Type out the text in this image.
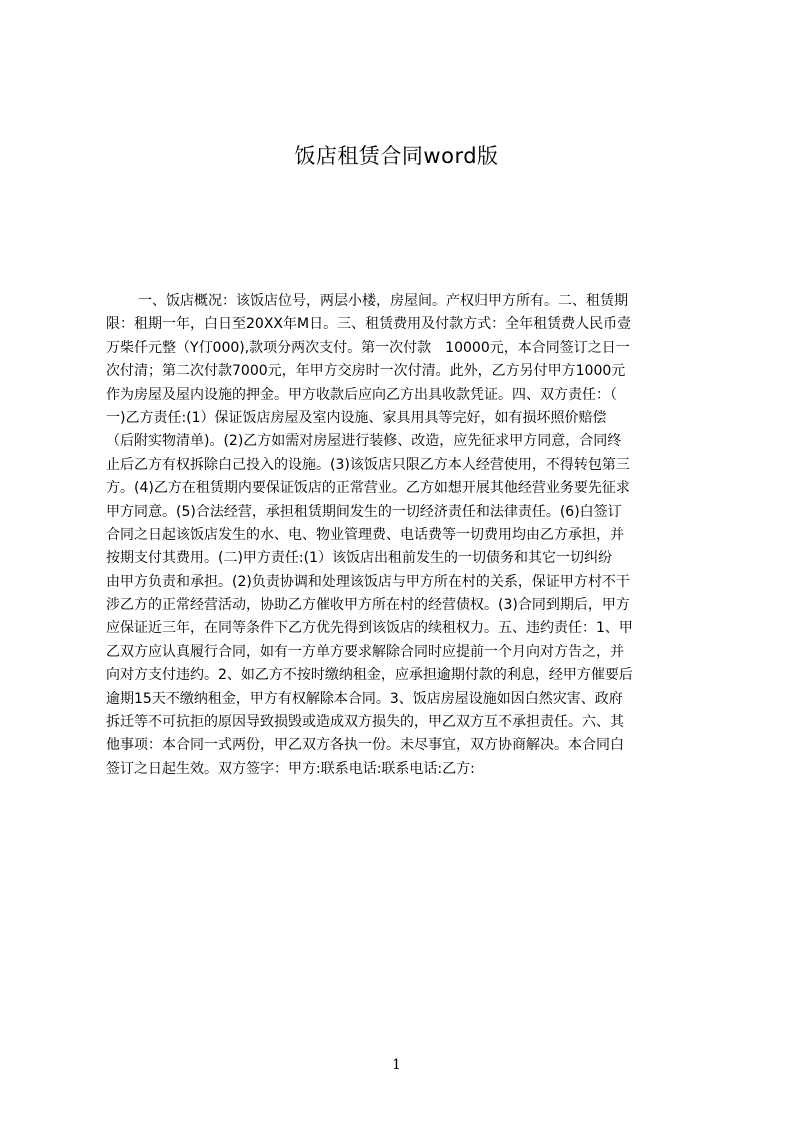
饭店租赁合同word版
一、饭店概况：该饭店位号，两层小楼，房屋间。产权归甲方所有。二、租赁期
限：租期一年，白日至20XX年M日。三、租赁费用及付款方式：全年租赁费人民币壹
万柴仟元整（Y仃000),款项分两次支付。第一次付款　10000元，本合同签订之日一
次付清；第二次付款7000元，年甲方交房时一次付清。此外，乙方另付甲方1000元
作为房屋及屋内设施的押金。甲方收款后应向乙方出具收款凭证。四、双方责任：（
一)乙方责任:(1）保证饭店房屋及室内设施、家具用具等完好，如有损坏照价赔偿
（后附实物清单)。(2)乙方如需对房屋进行装修、改造，应先征求甲方同意，合同终
止后乙方有权拆除白己投入的设施。(3)该饭店只限乙方本人经营使用，不得转包第三
方。(4)乙方在租赁期内要保证饭店的正常营业。乙方如想开展其他经营业务要先征求
甲方同意。(5)合法经营，承担租赁期间发生的一切经济责任和法律责任。(6)白签订
合同之日起该饭店发生的水、电、物业管理费、电话费等一切费用均由乙方承担，并
按期支付其费用。(二)甲方责任:(1）该饭店出租前发生的一切债务和其它一切纠纷
由甲方负责和承担。(2)负责协调和处理该饭店与甲方所在村的关系，保证甲方村不干
涉乙方的正常经营活动，协助乙方催收甲方所在村的经营债权。(3)合同到期后，甲方
应保证近三年，在同等条件下乙方优先得到该饭店的续租权力。五、违约责任：1、甲
乙双方应认真履行合同，如有一方单方要求解除合同时应提前一个月向对方告之，并
向对方支付违约。2、如乙方不按时缴纳租金，应承担逾期付款的利息，经甲方催要后
逾期15天不缴纳租金，甲方有权解除本合同。3、饭店房屋设施如因白然灾害、政府
拆迁等不可抗拒的原因导致损毁或造成双方损失的，甲乙双方互不承担责任。六、其
他事项：本合同一式两份，甲乙双方各执一份。未尽事宜，双方协商解决。本合同白
签订之日起生效。双方签字：甲方:联系电话:联系电话:乙方:
1
